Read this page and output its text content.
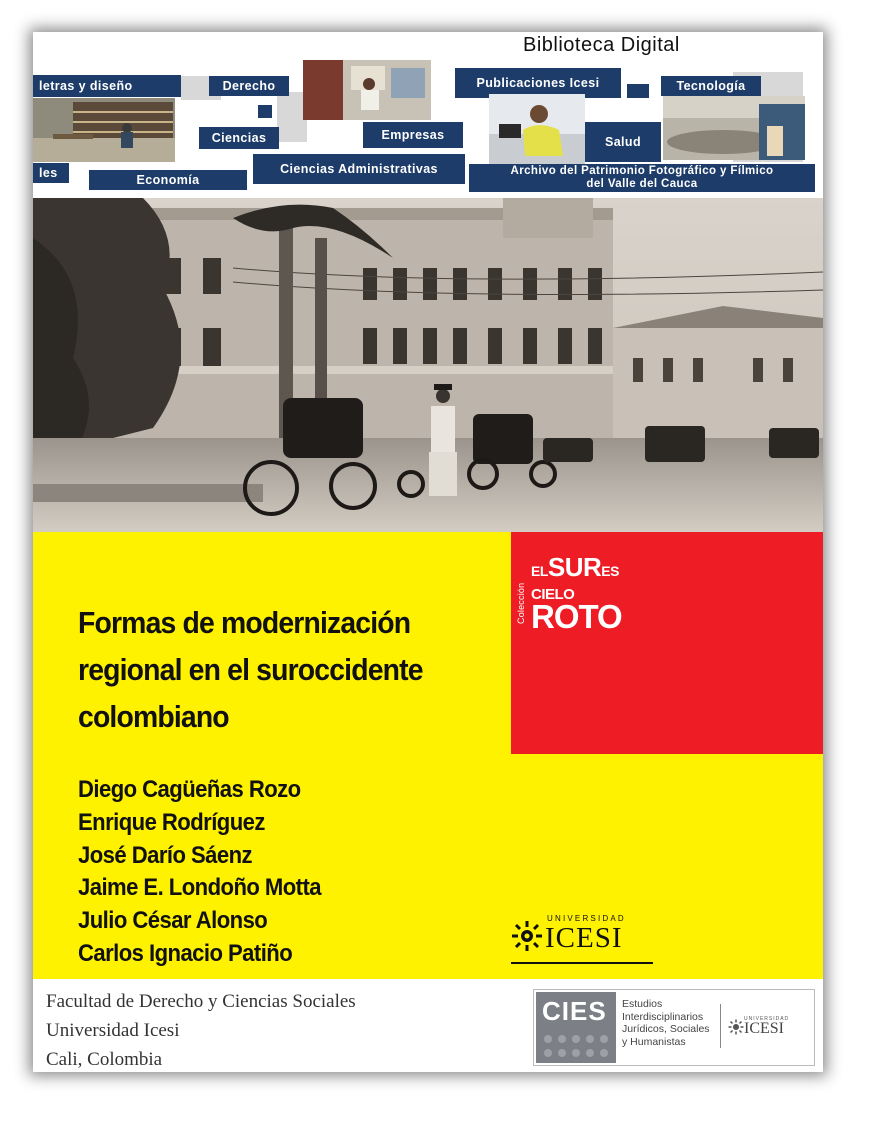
Biblioteca Digital
letras y diseño	Derecho
Ciencias	Empresas
Publicaciones Icesi
Salud
Tecnología
les	Economía
Ciencias Administrativas	Archivo del Patrimonio Fotográfico y Fílmico
del Valle del Cauca
Colección
ELSURES
CIELO
ROTO
Formas de modernización
regional en el suroccidente
colombiano
Diego Cagüeñas Rozo
Enrique Rodríguez
José Darío Sáenz
Jaime E. Londoño Motta
Julio César Alonso
Carlos Ignacio Patiño
UNIVERSIDAD
ICESI
Facultad de Derecho y Ciencias Sociales
Universidad Icesi
Cali, Colombia
CIES Estudios
Interdisciplinarios
Jurídicos, Sociales
y Humanistas
UNIVERSIDAD
ICESI
